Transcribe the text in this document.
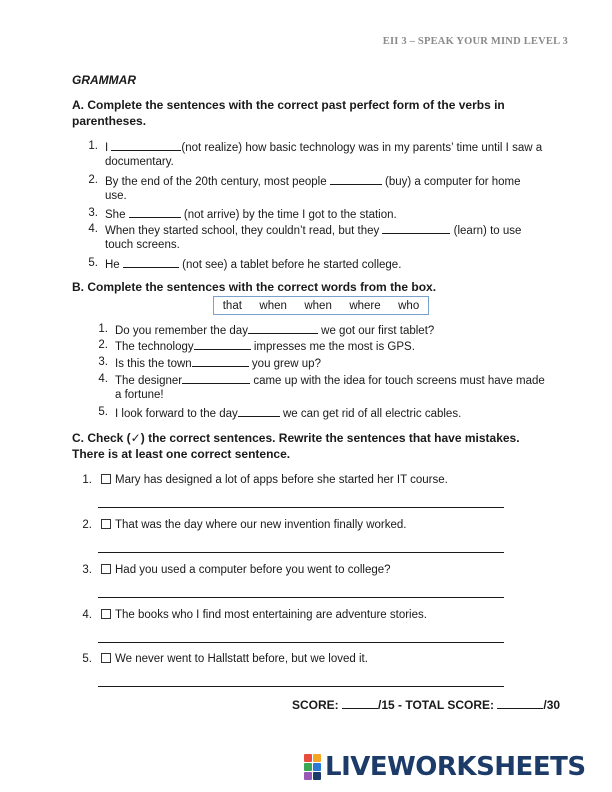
EII 3 – SPEAK YOUR MIND LEVEL 3
GRAMMAR
A. Complete the sentences with the correct past perfect form of the verbs in parentheses.
1. I	(not realize) how basic technology was in my parents’ time until I saw a
documentary.
2. By the end of the 20th century, most people	(buy) a computer for home
use.
3. She	(not arrive) by the time I got to the station.
4. When they started school, they couldn’t read, but they	(learn) to use
touch screens.
5. He	(not see) a tablet before he started college.
B. Complete the sentences with the correct words from the box.
that when when where who
1. Do you remember the day	we got our first tablet?
2. The technology	impresses me the most is GPS.
3. Is this the town	you grew up?
4. The designer	came up with the idea for touch screens must have made
a fortune!
5. I look forward to the day	we can get rid of all electric cables.
C. Check (✓) the correct sentences. Rewrite the sentences that have mistakes. There is at least one correct sentence.
1.	Mary has designed a lot of apps before she started her IT course.
2.	That was the day where our new invention finally worked.
3.	Had you used a computer before you went to college?
4.	The books who I find most entertaining are adventure stories.
5.	We never went to Hallstatt before, but we loved it.
SCORE:	/15 - TOTAL SCORE:	/30
LIVEWORKSHEETS
